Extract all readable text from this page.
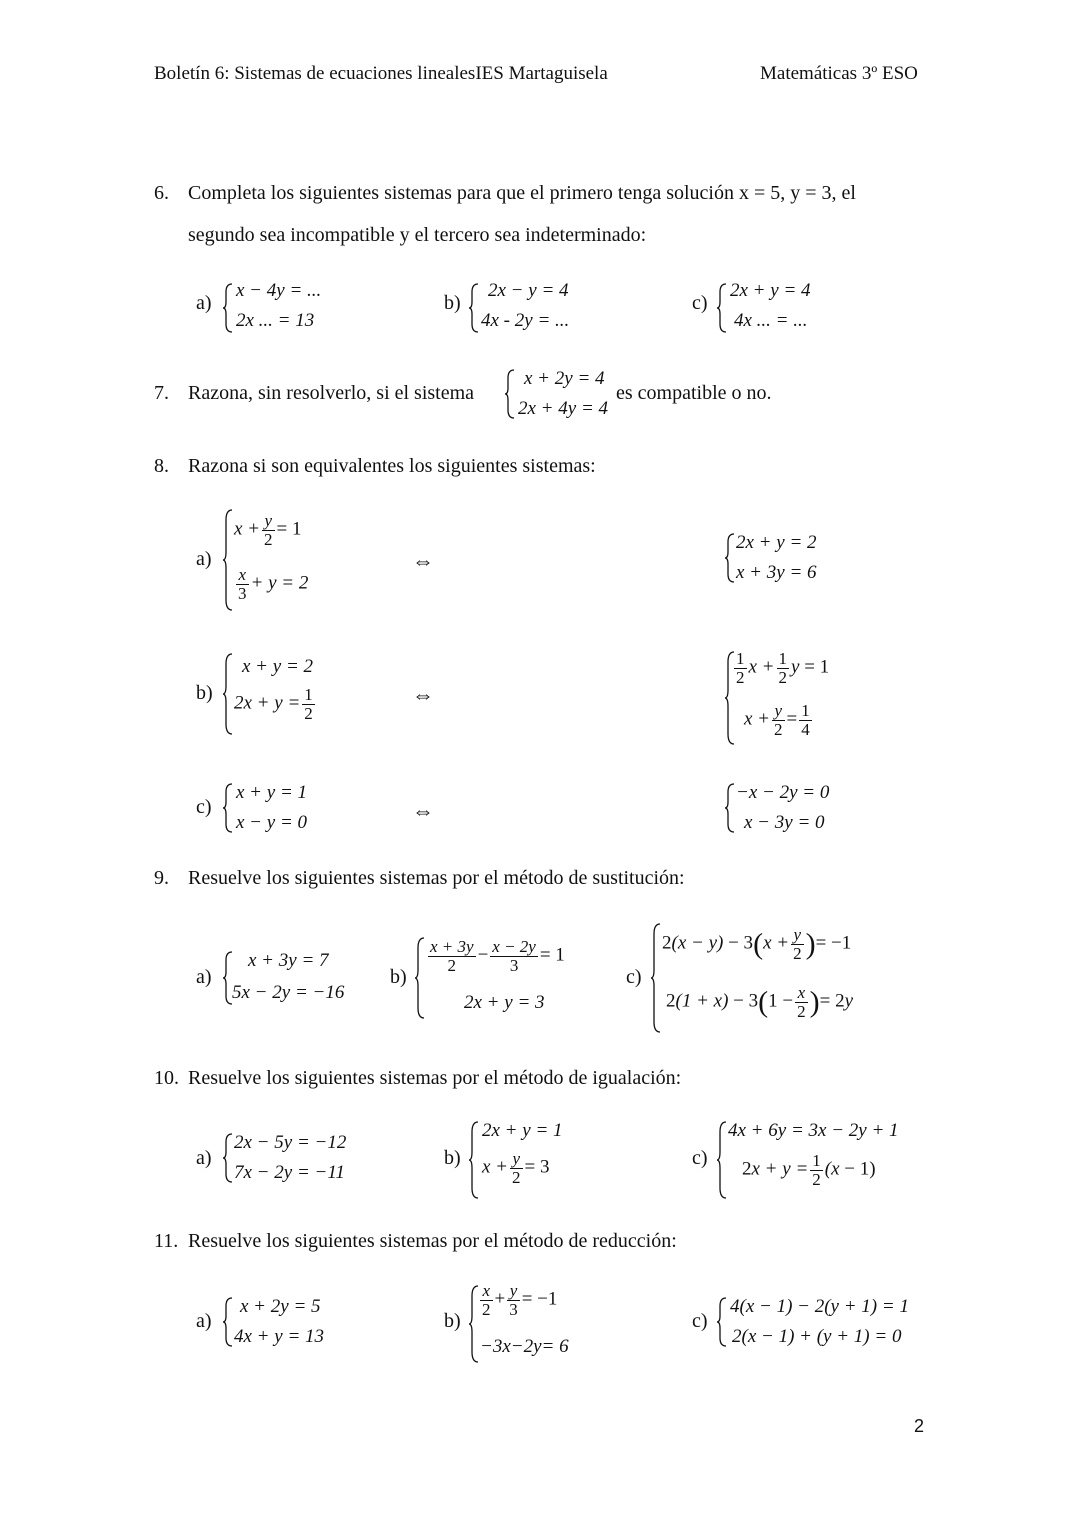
Boletín 6: Sistemas de ecuaciones linealesIES Martaguisela	Matemáticas 3º ESO
6. Completa los siguientes sistemas para que el primero tenga solución x = 5, y = 3, el
segundo sea incompatible y el tercero sea indeterminado:
a)
x − 4y = ...
2x ... = 13
b)
2x − y = 4
4x - 2y = ...
c)
2x + y = 4
4x ... = ...
7. Razona, sin resolverlo, si el sistema
x + 2y = 4
2x + 4y = 4
es compatible o no.
8. Razona si son equivalentes los siguientes sistemas:
a)
$x + \frac{y}{2} = 1$
$\frac{x}{3} + y = 2$
⇔
2x + y = 2
x + 3y = 6
b)
x + y = 2
$2x + y = \frac{1}{2}$	⇔
$\frac{1}{2}$ $x + \frac{1}{2}$ y = 1
$x + \frac{y}{2} = \frac{1}{4}$
c)
x + y = 1
x − y = 0	⇔
−x − 2y = 0
x − 3y = 0
9. Resuelve los siguientes sistemas por el método de sustitución:
a)
x + 3y = 7
5x − 2y = −16
b)
$\frac{x + 3y}{2} - \frac{x - 2y}{3} = 1$
2x + y = 3
c)
$2(x - y) - 3(x + \frac{y}{2}$ )= −1
$2(1 + x) - 3(1 - \frac{x}{2}$ )= 2y
10. Resuelve los siguientes sistemas por el método de igualación:
a)
2x − 5y = −12
7x − 2y = −11
b)
2x + y = 1
$x + \frac{y}{2} = 3$	c)
4x + 6y = 3x − 2y + 1
$2x + y = \frac{1}{2} (x - 1)$
11. Resuelve los siguientes sistemas por el método de reducción:
a)
x + 2y = 5
4x + y = 13
b)
$\frac{x}{2} + \frac{y}{3} = -1$
−3x−2y= 6
c)
4(x − 1) − 2(y + 1) = 1
2(x − 1) + (y + 1) = 0
2
